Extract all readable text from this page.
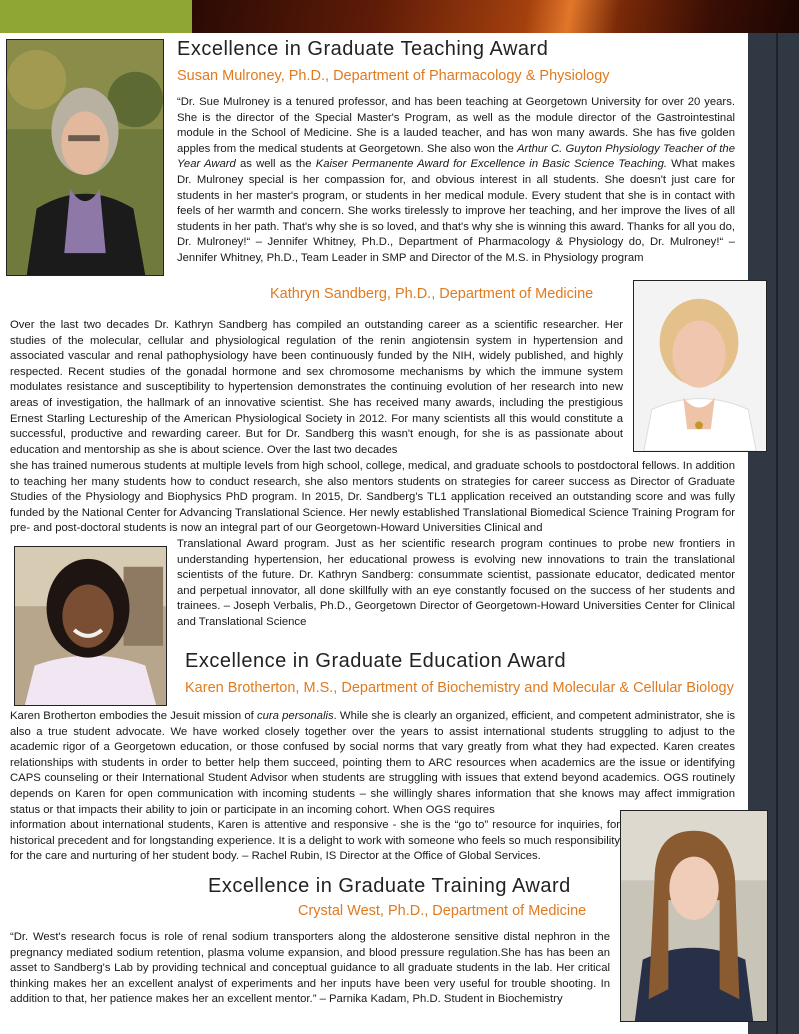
Excellence in Graduate Teaching Award

Susan Mulroney, Ph.D., Department of Pharmacology & Physiology

“Dr. Sue Mulroney is a tenured professor, and has been teaching at Georgetown University for over 20 years. She is the director of the Special Master's Program, as well as the module director of the Gastrointestinal module in the School of Medicine. She is a lauded teacher, and has won many awards. She has five golden apples from the medical students at Georgetown. She also won the Arthur C. Guyton Physiology Teacher of the Year Award as well as the Kaiser Permanente Award for Excellence in Basic Science Teaching. What makes Dr. Mulroney special is her compassion for, and obvious interest in all students. She doesn't just care for students in her master's program, or students in her medical module. Every student that she is in contact with feels of her warmth and concern. She works tirelessly to improve her teaching, and her improve the lives of all students in her path. That's why she is so loved, and that's why she is winning this award. Thanks for all you do, Dr. Mulroney!“ – Jennifer Whitney, Ph.D., Department of Pharmacology & Physiology do, Dr. Mulroney!“ – Jennifer Whitney, Ph.D., Team Leader in SMP and Director of the M.S. in Physiology program

Kathryn Sandberg, Ph.D., Department of Medicine

Over the last two decades Dr. Kathryn Sandberg has compiled an outstanding career as a scientific researcher. Her studies of the molecular, cellular and physiological regulation of the renin angiotensin system in hypertension and associated vascular and renal pathophysiology have been continuously funded by the NIH, widely published, and highly respected. Recent studies of the gonadal hormone and sex chromosome mechanisms by which the immune system modulates resistance and susceptibility to hypertension demonstrates the continuing evolution of her research into new areas of investigation, the hallmark of an innovative scientist. She has received many awards, including the prestigious Ernest Starling Lectureship of the American Physiological Society in 2012. For many scientists all this would constitute a successful, productive and rewarding career. But for Dr. Sandberg this wasn't enough, for she is as passionate about education and mentorship as she is about science. Over the last two decades

she has trained numerous students at multiple levels from high school, college, medical, and graduate schools to postdoctoral fellows. In addition to teaching her many students how to conduct research, she also mentors students on strategies for career success as Director of Graduate Studies of the Physiology and Biophysics PhD program. In 2015, Dr. Sandberg's TL1 application received an outstanding score and was fully funded by the National Center for Advancing Translational Science. Her newly established Translational Biomedical Science Training Program for pre- and post-doctoral students is now an integral part of our Georgetown-Howard Universities Clinical and

Translational Award program. Just as her scientific research program continues to probe new frontiers in understanding hypertension, her educational prowess is evolving new innovations to train the translational scientists of the future. Dr. Kathryn Sandberg: consummate scientist, passionate educator, dedicated mentor and perpetual innovator, all done skillfully with an eye constantly focused on the success of her students and trainees. – Joseph Verbalis, Ph.D., Georgetown Director of Georgetown-Howard Universities Center for Clinical and Translational Science

Excellence in Graduate Education Award

Karen Brotherton, M.S., Department of Biochemistry and Molecular & Cellular Biology

Karen Brotherton embodies the Jesuit mission of cura personalis. While she is clearly an organized, efficient, and competent administrator, she is also a true student advocate. We have worked closely together over the years to assist international students struggling to adjust to the academic rigor of a Georgetown education, or those confused by social norms that vary greatly from what they had expected. Karen creates relationships with students in order to better help them succeed, pointing them to ARC resources when academics are the issue or identifying CAPS counseling or their International Student Advisor when students are struggling with issues that extend beyond academics. OGS routinely depends on Karen for open communication with incoming students – she willingly shares information that she knows may affect immigration status or that impacts their ability to join or participate in an incoming cohort. When OGS requires

information about international students, Karen is attentive and responsive - she is the “go to” resource for inquiries, for historical precedent and for longstanding experience. It is a delight to work with someone who feels so much responsibility for the care and nurturing of her student body. – Rachel Rubin, IS Director at the Office of Global Services.

Excellence in Graduate Training Award

Crystal West, Ph.D., Department of Medicine

“Dr. West's research focus is role of renal sodium transporters along the aldosterone sensitive distal nephron in the pregnancy mediated sodium retention, plasma volume expansion, and blood pressure regulation.She has has been an asset to Sandberg's Lab by providing technical and conceptual guidance to all graduate students in the lab. Her critical thinking makes her an excellent analyst of experiments and her inputs have been very useful for trouble shooting. In addition to that, her patience makes her an excellent mentor.” – Parnika Kadam, Ph.D. Student in Biochemistry
